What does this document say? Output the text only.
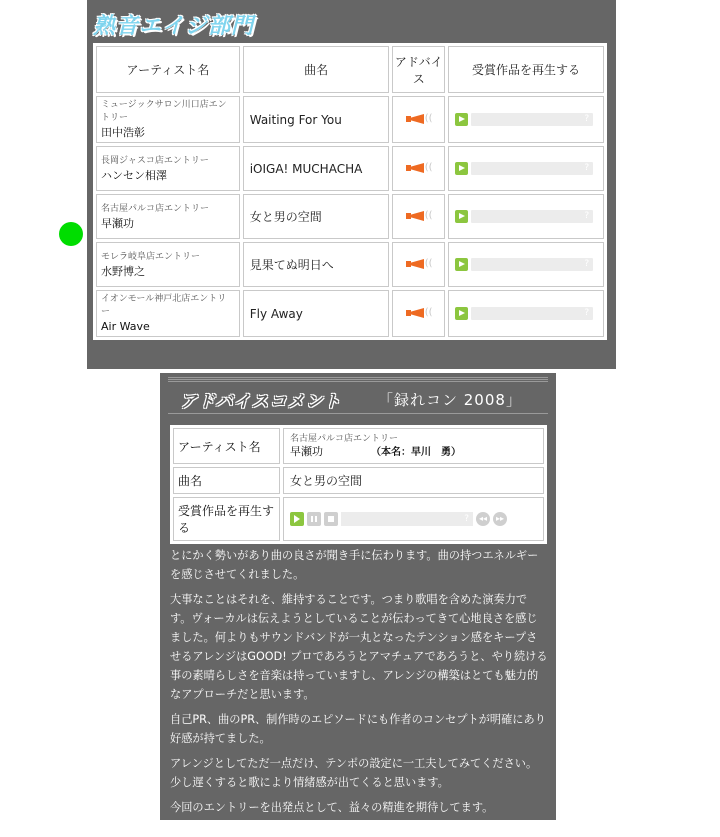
熟音エイジ部門
アーティスト名	曲名	アドバイス	受賞作品を再生する

ミュージックサロン川口店エントリー
田中浩彰	Waiting For You	((	?

長岡ジャスコ店エントリー
ハンセン相澤	iOIGA! MUCHACHA	((	?

名古屋パルコ店エントリー
早瀬功	女と男の空間	((	?

モレラ岐阜店エントリー
水野博之	見果てぬ明日へ	((	?

イオンモール神戸北店エントリー
Air Wave	Fly Away	((	?
アドバイスコメント 「録れコン 2008」
アーティスト名	名古屋パルコ店エントリー
早瀬功 （本名：早川　勇）

曲名	女と男の空間
受賞作品を再生する	? ◂◂ ▸▸

とにかく勢いがあり曲の良さが聞き手に伝わります。曲の持つエネルギーを感じさせてくれました。

大事なことはそれを、維持することです。つまり歌唱を含めた演奏力です。ヴォーカルは伝えようとしていることが伝わってきて心地良さを感じました。何よりもサウンドバンドが一丸となったテンション感をキープさせるアレンジはGOOD! プロであろうとアマチュアであろうと、やり続ける事の素晴らしさを音楽は持っていますし、アレンジの構築はとても魅力的なアプローチだと思います。

自己PR、曲のPR、制作時のエピソードにも作者のコンセプトが明確にあり好感が持てました。

アレンジとしてただ一点だけ、テンポの設定に一工夫してみてください。少し遅くすると歌により情緒感が出てくると思います。

今回のエントリーを出発点として、益々の精進を期待してます。
